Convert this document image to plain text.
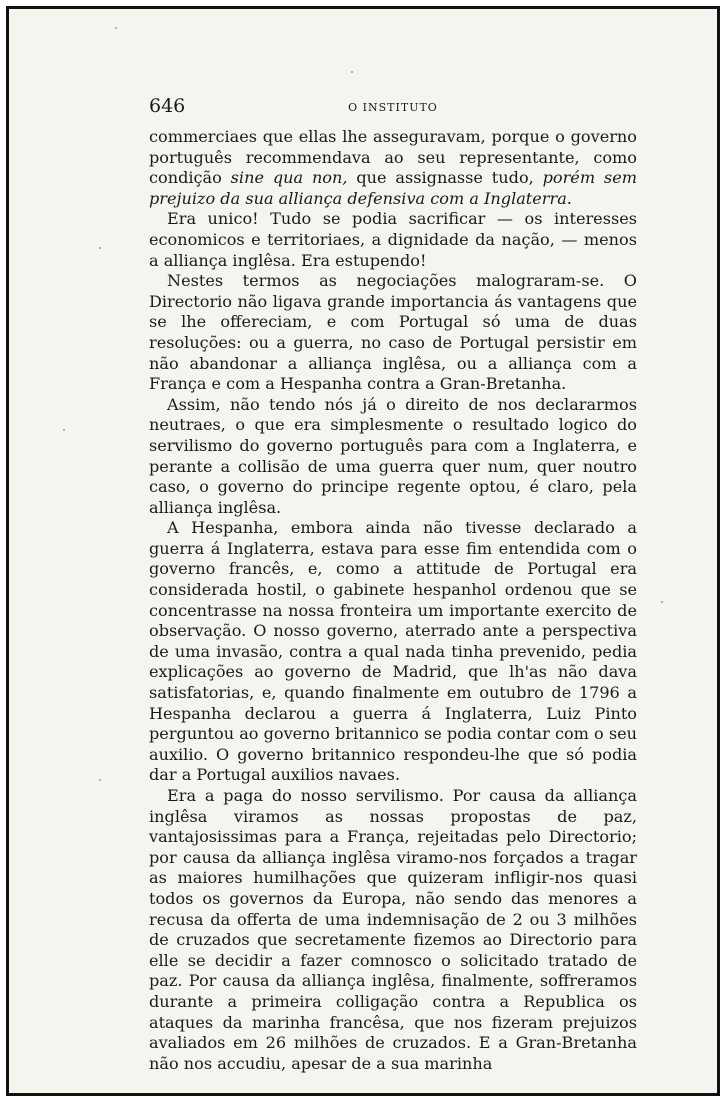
646	O INSTITUTO

commerciaes que ellas lhe asseguravam, porque o governo português recommendava ao seu representante, como condição sine qua non, que assignasse tudo, porém sem prejuizo da sua alliança defensiva com a Inglaterra.

Era unico! Tudo se podia sacrificar — os interesses economicos e territoriaes, a dignidade da nação, — menos a alliança inglêsa. Era estupendo!

Nestes termos as negociações malograram-se. O Directorio não ligava grande importancia ás vantagens que se lhe offereciam, e com Portugal só uma de duas resoluções: ou a guerra, no caso de Portugal persistir em não abandonar a alliança inglêsa, ou a alliança com a França e com a Hespanha contra a Gran-Bretanha.

Assim, não tendo nós já o direito de nos declararmos neutraes, o que era simplesmente o resultado logico do servilismo do governo português para com a Inglaterra, e perante a collisão de uma guerra quer num, quer noutro caso, o governo do principe regente optou, é claro, pela alliança inglêsa.

A Hespanha, embora ainda não tivesse declarado a guerra á Inglaterra, estava para esse fim entendida com o governo francês, e, como a attitude de Portugal era considerada hostil, o gabinete hespanhol ordenou que se concentrasse na nossa fronteira um importante exercito de observação. O nosso governo, aterrado ante a perspectiva de uma invasão, contra a qual nada tinha prevenido, pedia explicações ao governo de Madrid, que lh'as não dava satisfatorias, e, quando finalmente em outubro de 1796 a Hespanha declarou a guerra á Inglaterra, Luiz Pinto perguntou ao governo britannico se podia contar com o seu auxilio. O governo britannico respondeu-lhe que só podia dar a Portugal auxilios navaes.

Era a paga do nosso servilismo. Por causa da alliança inglêsa viramos as nossas propostas de paz, vantajosissimas para a França, rejeitadas pelo Directorio; por causa da alliança inglêsa viramo-nos forçados a tragar as maiores humilhações que quizeram infligir-nos quasi todos os governos da Europa, não sendo das menores a recusa da offerta de uma indemnisação de 2 ou 3 milhões de cruzados que secretamente fizemos ao Directorio para elle se decidir a fazer comnosco o solicitado tratado de paz. Por causa da alliança inglêsa, finalmente, soffreramos durante a primeira colligação contra a Republica os ataques da marinha francêsa, que nos fizeram prejuizos avaliados em 26 milhões de cruzados. E a Gran-Bretanha não nos accudiu, apesar de a sua marinha
